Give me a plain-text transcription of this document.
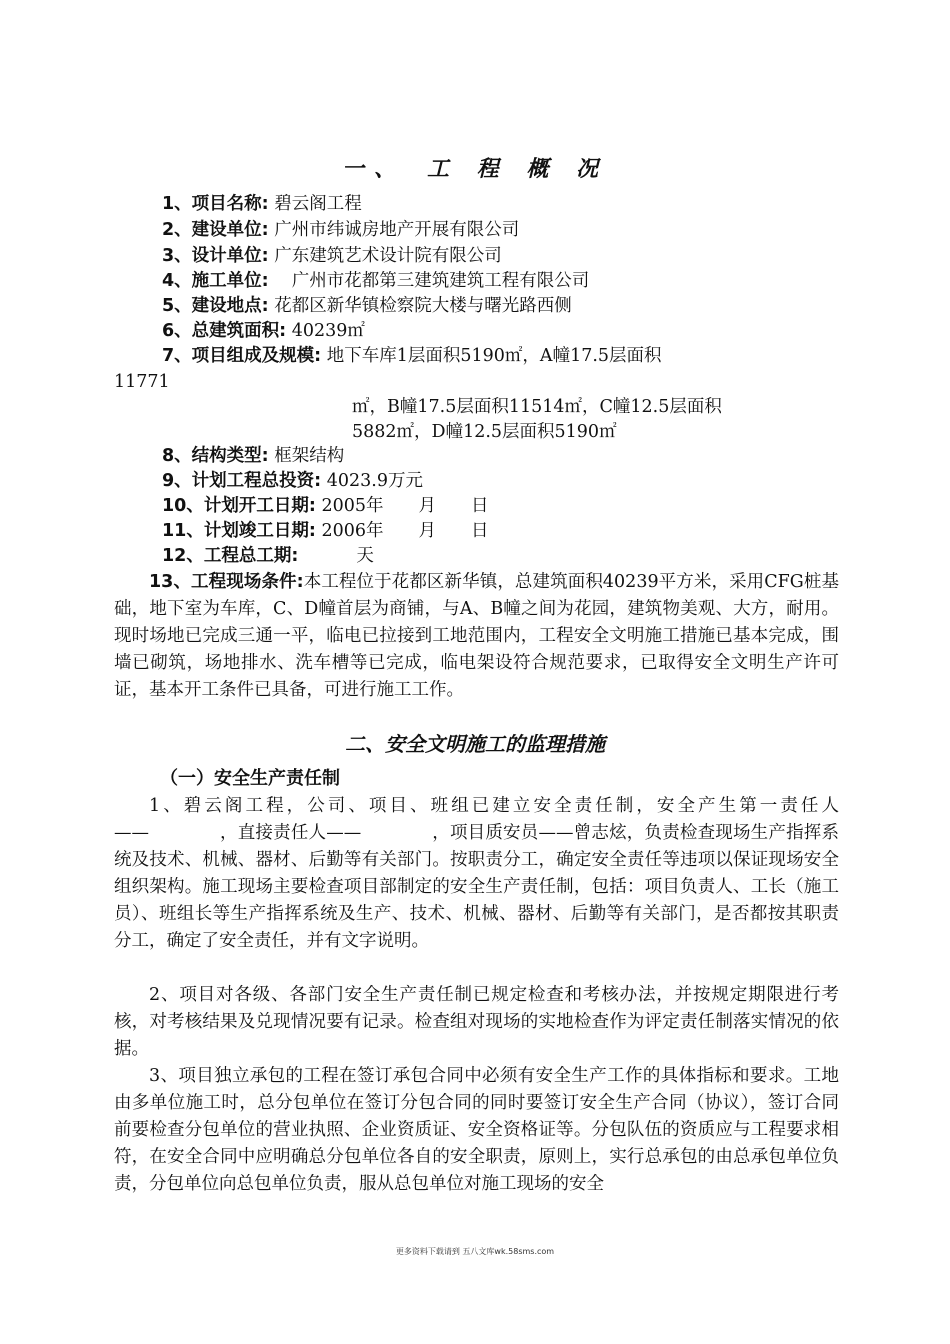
一、　工 程 概 况
1、项目名称: 碧云阁工程
2、建设单位: 广州市纬诚房地产开展有限公司
3、设计单位: 广东建筑艺术设计院有限公司
4、施工单位: 　广州市花都第三建筑建筑工程有限公司
5、建设地点: 花都区新华镇检察院大楼与曙光路西侧
6、总建筑面积: 40239㎡
7、项目组成及规模: 地下车库1层面积5190㎡，A幢17.5层面积
11771
㎡，B幢17.5层面积11514㎡，C幢12.5层面积
5882㎡，D幢12.5层面积5190㎡
8、结构类型: 框架结构
9、计划工程总投资: 4023.9万元
10、计划开工日期: 2005年　　月　　日
11、计划竣工日期: 2006年　　月　　日
12、工程总工期: 　　　天

13、工程现场条件:本工程位于花都区新华镇，总建筑面积40239平方米，采用CFG桩基础，地下室为车库，C、D幢首层为商铺，与A、B幢之间为花园，建筑物美观、大方，耐用。现时场地已完成三通一平，临电已拉接到工地范围内，工程安全文明施工措施已基本完成，围墙已砌筑，场地排水、洗车槽等已完成，临电架设符合规范要求，已取得安全文明生产许可证，基本开工条件已具备，可进行施工工作。

二、安全文明施工的监理措施
（一）安全生产责任制

1、碧云阁工程，公司、项目、班组已建立安全责任制，安全产生第一责任人——　　　　，直接责任人——　　　　，项目质安员——曾志炫，负责检查现场生产指挥系统及技术、机械、器材、后勤等有关部门。按职责分工，确定安全责任等违项以保证现场安全组织架构。施工现场主要检查项目部制定的安全生产责任制，包括：项目负责人、工长（施工员）、班组长等生产指挥系统及生产、技术、机械、器材、后勤等有关部门，是否都按其职责分工，确定了安全责任，并有文字说明。

2、项目对各级、各部门安全生产责任制已规定检查和考核办法，并按规定期限进行考核，对考核结果及兑现情况要有记录。检查组对现场的实地检查作为评定责任制落实情况的依据。

3、项目独立承包的工程在签订承包合同中必须有安全生产工作的具体指标和要求。工地由多单位施工时，总分包单位在签订分包合同的同时要签订安全生产合同（协议），签订合同前要检查分包单位的营业执照、企业资质证、安全资格证等。分包队伍的资质应与工程要求相符，在安全合同中应明确总分包单位各自的安全职责，原则上，实行总承包的由总承包单位负责，分包单位向总包单位负责，服从总包单位对施工现场的安全

更多资料下载请到 五八文库wk.58sms.com
